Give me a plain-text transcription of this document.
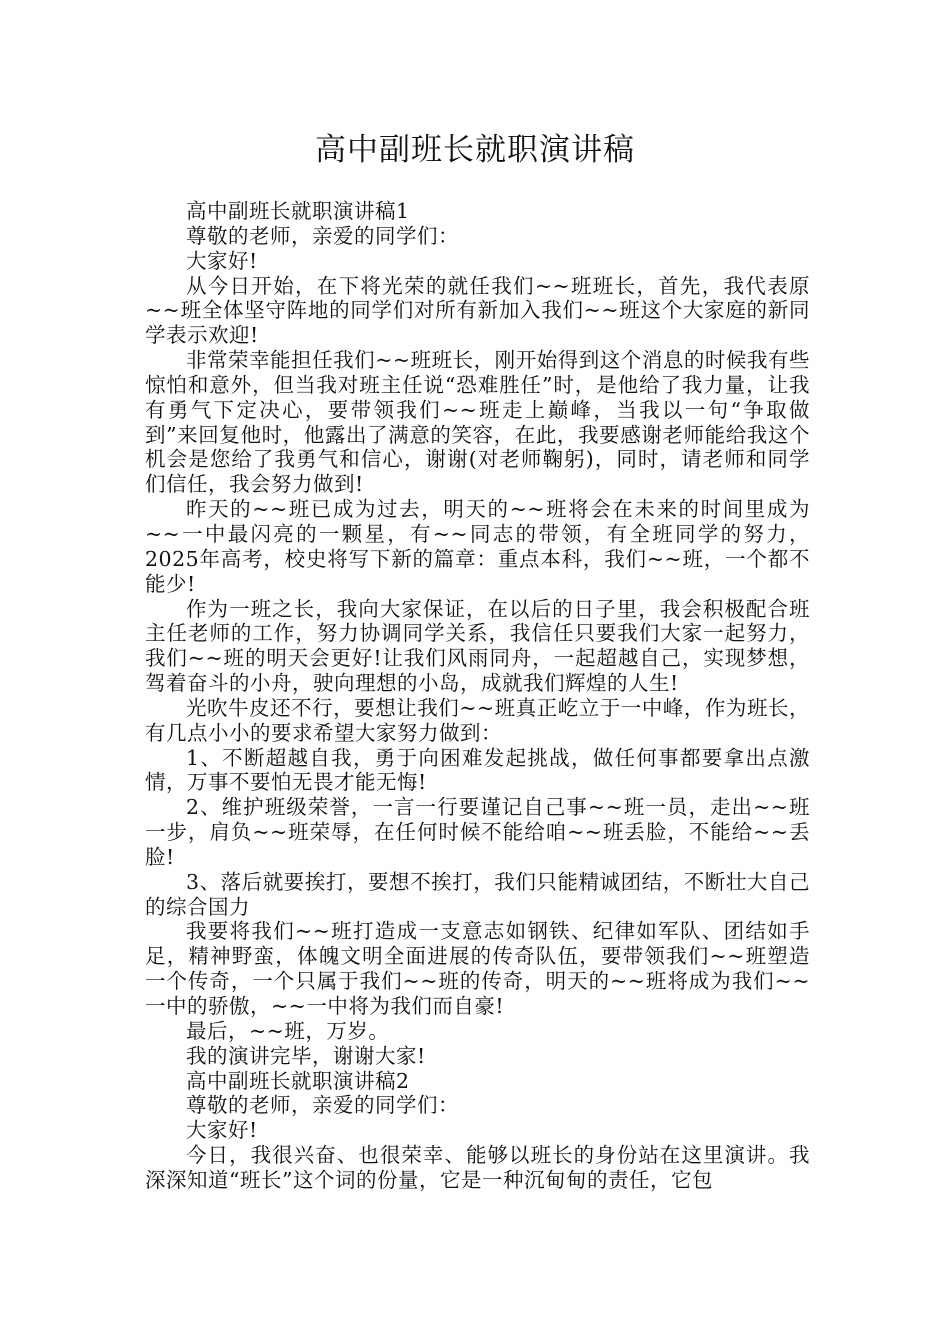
高中副班长就职演讲稿

高中副班长就职演讲稿1

尊敬的老师，亲爱的同学们：

大家好!

从今日开始，在下将光荣的就任我们~~班班长，首先，我代表原~~班全体坚守阵地的同学们对所有新加入我们~~班这个大家庭的新同学表示欢迎!

非常荣幸能担任我们~~班班长，刚开始得到这个消息的时候我有些惊怕和意外，但当我对班主任说“恐难胜任”时，是他给了我力量，让我有勇气下定决心，要带领我们~~班走上巅峰，当我以一句“争取做到”来回复他时，他露出了满意的笑容，在此，我要感谢老师能给我这个机会是您给了我勇气和信心，谢谢(对老师鞠躬)，同时，请老师和同学们信任，我会努力做到!

昨天的~~班已成为过去，明天的~~班将会在未来的时间里成为~~一中最闪亮的一颗星，有~~同志的带领，有全班同学的努力，2025年高考，校史将写下新的篇章：重点本科，我们~~班，一个都不能少!

作为一班之长，我向大家保证，在以后的日子里，我会积极配合班主任老师的工作，努力协调同学关系，我信任只要我们大家一起努力，我们~~班的明天会更好!让我们风雨同舟，一起超越自己，实现梦想，驾着奋斗的小舟，驶向理想的小岛，成就我们辉煌的人生!

光吹牛皮还不行，要想让我们~~班真正屹立于一中峰，作为班长，有几点小小的要求希望大家努力做到：

1、不断超越自我，勇于向困难发起挑战，做任何事都要拿出点激情，万事不要怕无畏才能无悔!

2、维护班级荣誉，一言一行要谨记自己事~~班一员，走出~~班一步，肩负~~班荣辱，在任何时候不能给咱~~班丢脸，不能给~~丢脸!

3、落后就要挨打，要想不挨打，我们只能精诚团结，不断壮大自己的综合国力

我要将我们~~班打造成一支意志如钢铁、纪律如军队、团结如手足，精神野蛮，体魄文明全面进展的传奇队伍，要带领我们~~班塑造一个传奇，一个只属于我们~~班的传奇，明天的~~班将成为我们~~一中的骄傲，~~一中将为我们而自豪!

最后，~~班，万岁。

我的演讲完毕，谢谢大家!

高中副班长就职演讲稿2

尊敬的老师，亲爱的同学们：

大家好!

今日，我很兴奋、也很荣幸、能够以班长的身份站在这里演讲。我深深知道“班长”这个词的份量，它是一种沉甸甸的责任，它包
